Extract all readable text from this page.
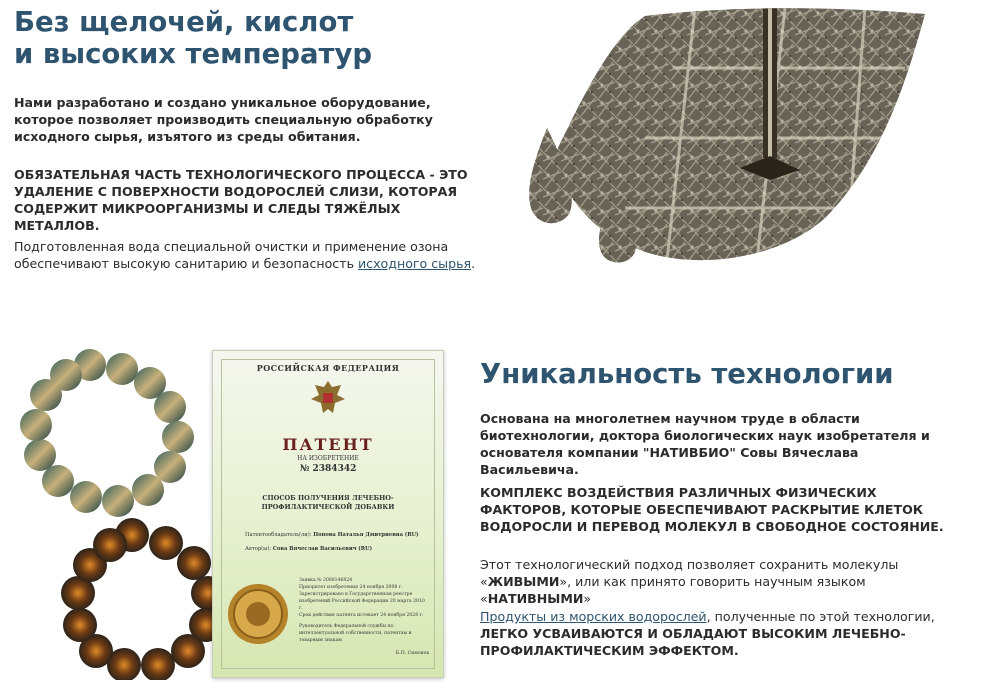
Без щелочей, кислот
и высоких температур

Нами разработано и создано уникальное оборудование, которое позволяет производить специальную обработку исходного сырья, изъятого из среды обитания.

ОБЯЗАТЕЛЬНАЯ ЧАСТЬ ТЕХНОЛОГИЧЕСКОГО ПРОЦЕССА - ЭТО УДАЛЕНИЕ С ПОВЕРХНОСТИ ВОДОРОСЛЕЙ СЛИЗИ, КОТОРАЯ СОДЕРЖИТ МИКРООРГАНИЗМЫ И СЛЕДЫ ТЯЖЁЛЫХ МЕТАЛЛОВ.

Подготовленная вода специальной очистки и применение озона обеспечивают высокую санитарию и безопасность исходного сырья.

РОССИЙСКАЯ ФЕДЕРАЦИЯ
ПАТЕНТ
НА ИЗОБРЕТЕНИЕ
№ 2384342
СПОСОБ ПОЛУЧЕНИЯ ЛЕЧЕБНО-ПРОФИЛАКТИЧЕСКОЙ ДОБАВКИ
Патентообладатель(ли): Попова Наталья Дмитриевна (RU)
Автор(ы): Сова Вячеслав Васильевич (RU)
Заявка № 2008146824
Приоритет изобретения 24 ноября 2008 г.
Зарегистрировано в Государственном реестре изобретений Российской Федерации 20 марта 2010 г.
Срок действия патента истекает 24 ноября 2028 г.
Руководитель Федеральной службы по интеллектуальной собственности, патентам и товарным знакам
Б.П. Симонов
Уникальность технологии

Основана на многолетнем научном труде в области биотехнологии, доктора биологических наук изобретателя и основателя компании "НАТИВБИО" Совы Вячеслава Васильевича.

КОМПЛЕКС ВОЗДЕЙСТВИЯ РАЗЛИЧНЫХ ФИЗИЧЕСКИХ ФАКТОРОВ, КОТОРЫЕ ОБЕСПЕЧИВАЮТ РАСКРЫТИЕ КЛЕТОК ВОДОРОСЛИ И ПЕРЕВОД МОЛЕКУЛ В СВОБОДНОЕ СОСТОЯНИЕ.

Этот технологический подход позволяет сохранить молекулы «ЖИВЫМИ», или как принято говорить научным языком «НАТИВНЫМИ»

Продукты из морских водорослей, полученные по этой технологии, ЛЕГКО УСВАИВАЮТСЯ И ОБЛАДАЮТ ВЫСОКИМ ЛЕЧЕБНО-ПРОФИЛАКТИЧЕСКИМ ЭФФЕКТОМ.
